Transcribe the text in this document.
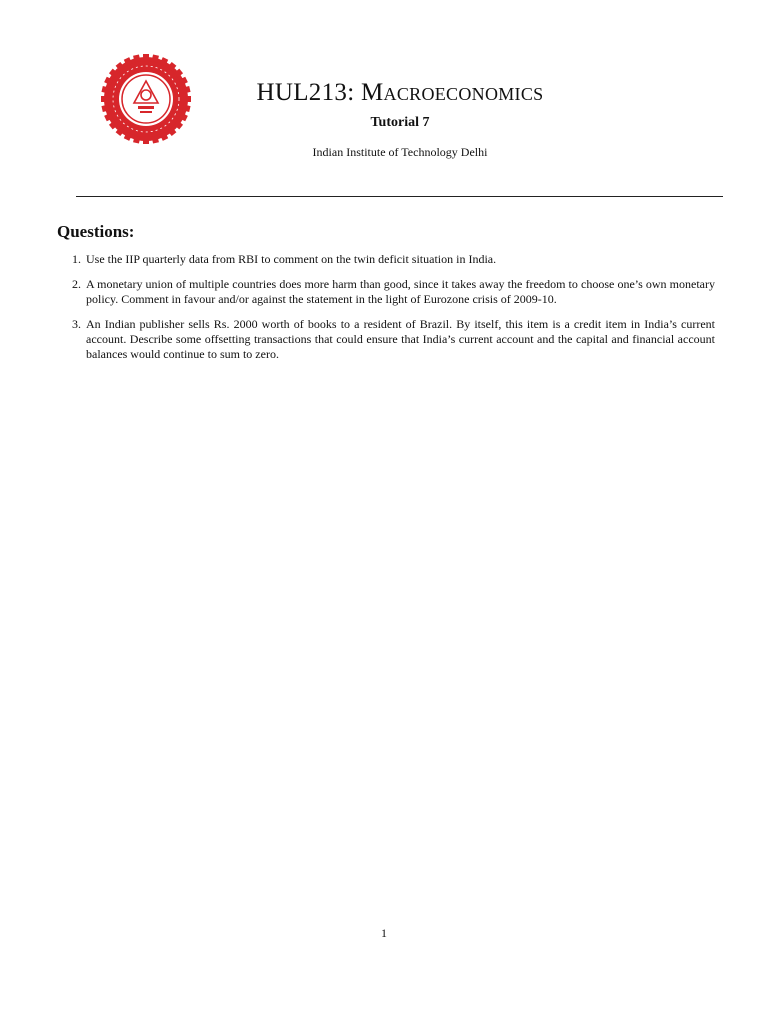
HUL213: Macroeconomics
Tutorial 7
Indian Institute of Technology Delhi
Questions:
1. Use the IIP quarterly data from RBI to comment on the twin deficit situation in India.
2. A monetary union of multiple countries does more harm than good, since it takes away the freedom to choose one’s own monetary policy. Comment in favour and/or against the statement in the light of Eurozone crisis of 2009-10.
3. An Indian publisher sells Rs. 2000 worth of books to a resident of Brazil. By itself, this item is a credit item in India’s current account. Describe some offsetting transactions that could ensure that India’s current account and the capital and financial account balances would continue to sum to zero.
1
